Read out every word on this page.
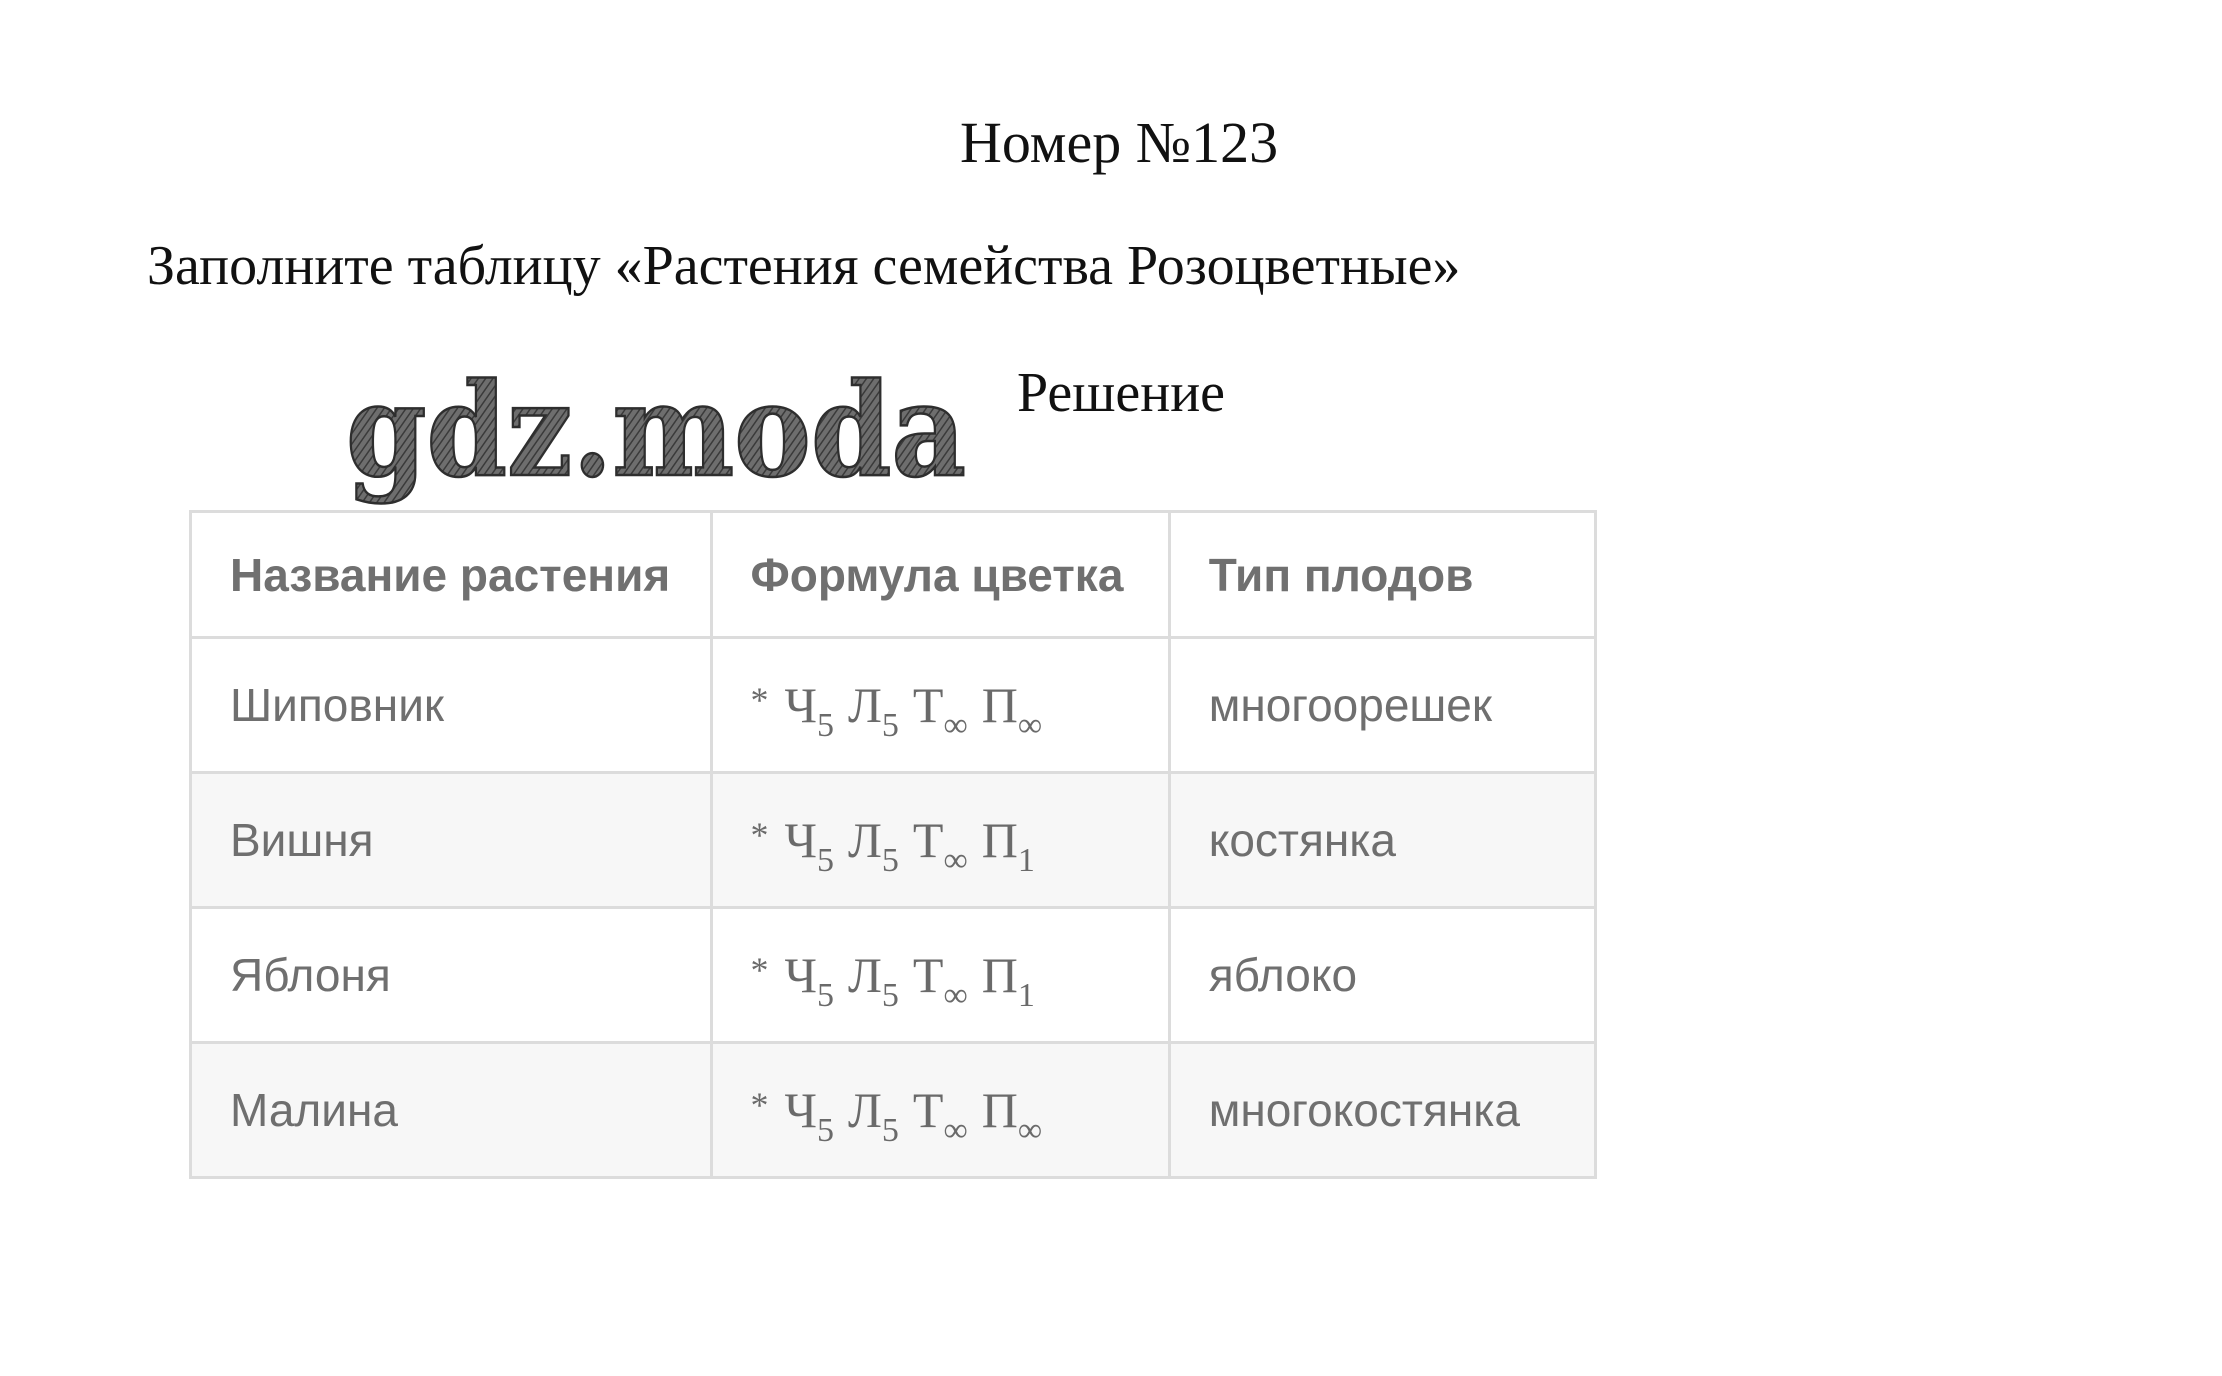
Номер №123
Заполните таблицу «Растения семейства Розоцветные»
gdz.moda Решение
Название растения	Формула цветка	Тип плодов
Шиповник	* $Ч_5$ $Л_5$ $Т_\infty$ $П_\infty$	многоорешек
Вишня	* $Ч_5$ $Л_5$ $Т_\infty$ $П_1$	костянка
Яблоня	* $Ч_5$ $Л_5$ $Т_\infty$ $П_1$	яблоко
Малина	* $Ч_5$ $Л_5$ $Т_\infty$ $П_\infty$	многокостянка
